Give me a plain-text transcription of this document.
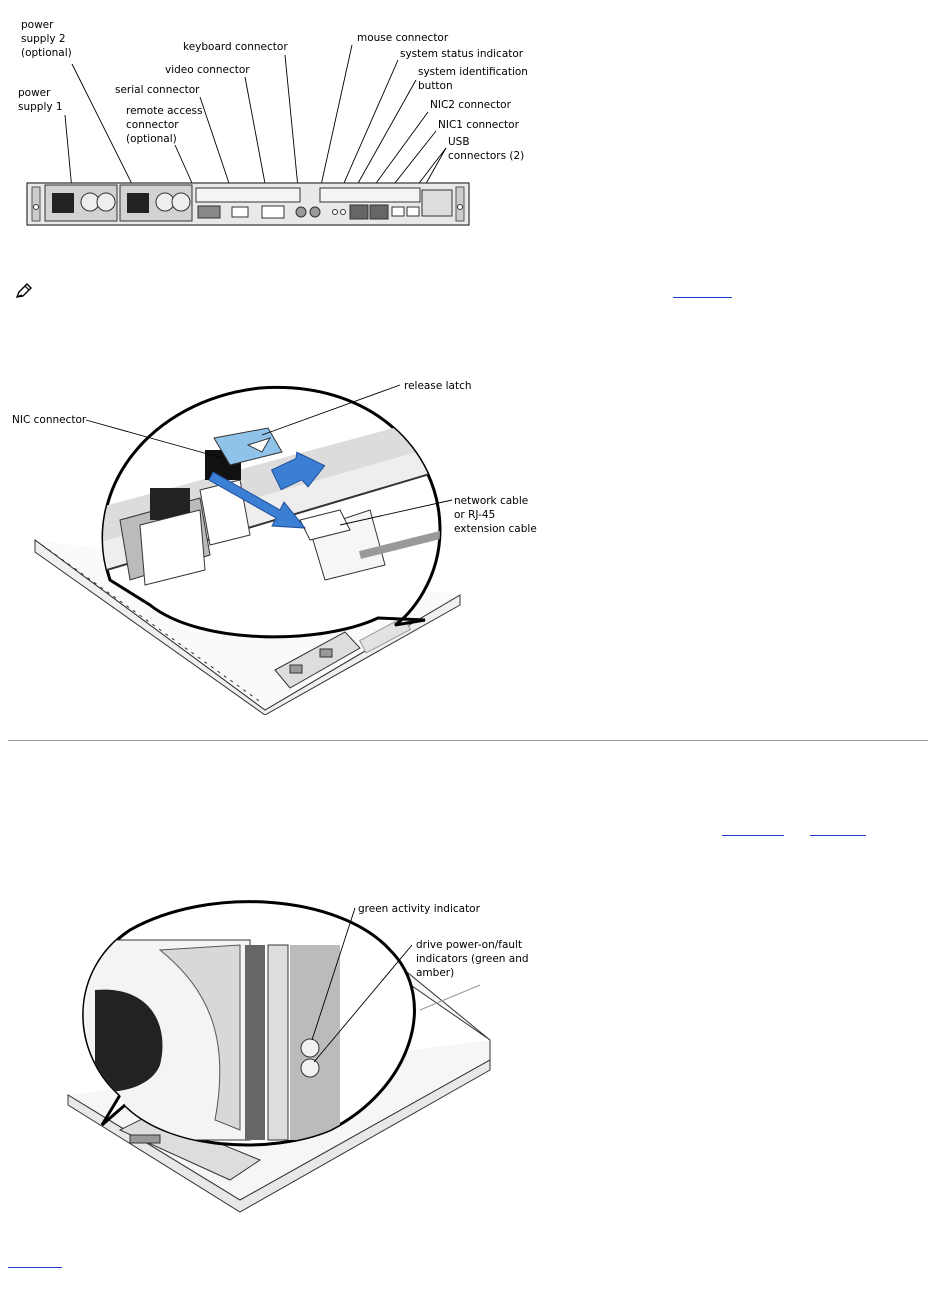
power supply 2 (optional)
power supply 1
keyboard connector
video connector
serial connector
remote access connector (optional)
mouse connector
system status indicator
system identification button
NIC2 connector
NIC1 connector
USB connectors (2)
release latch
NIC connector
network cable or RJ-45 extension cable
green activity indicator
drive power-on/fault indicators (green and amber)
